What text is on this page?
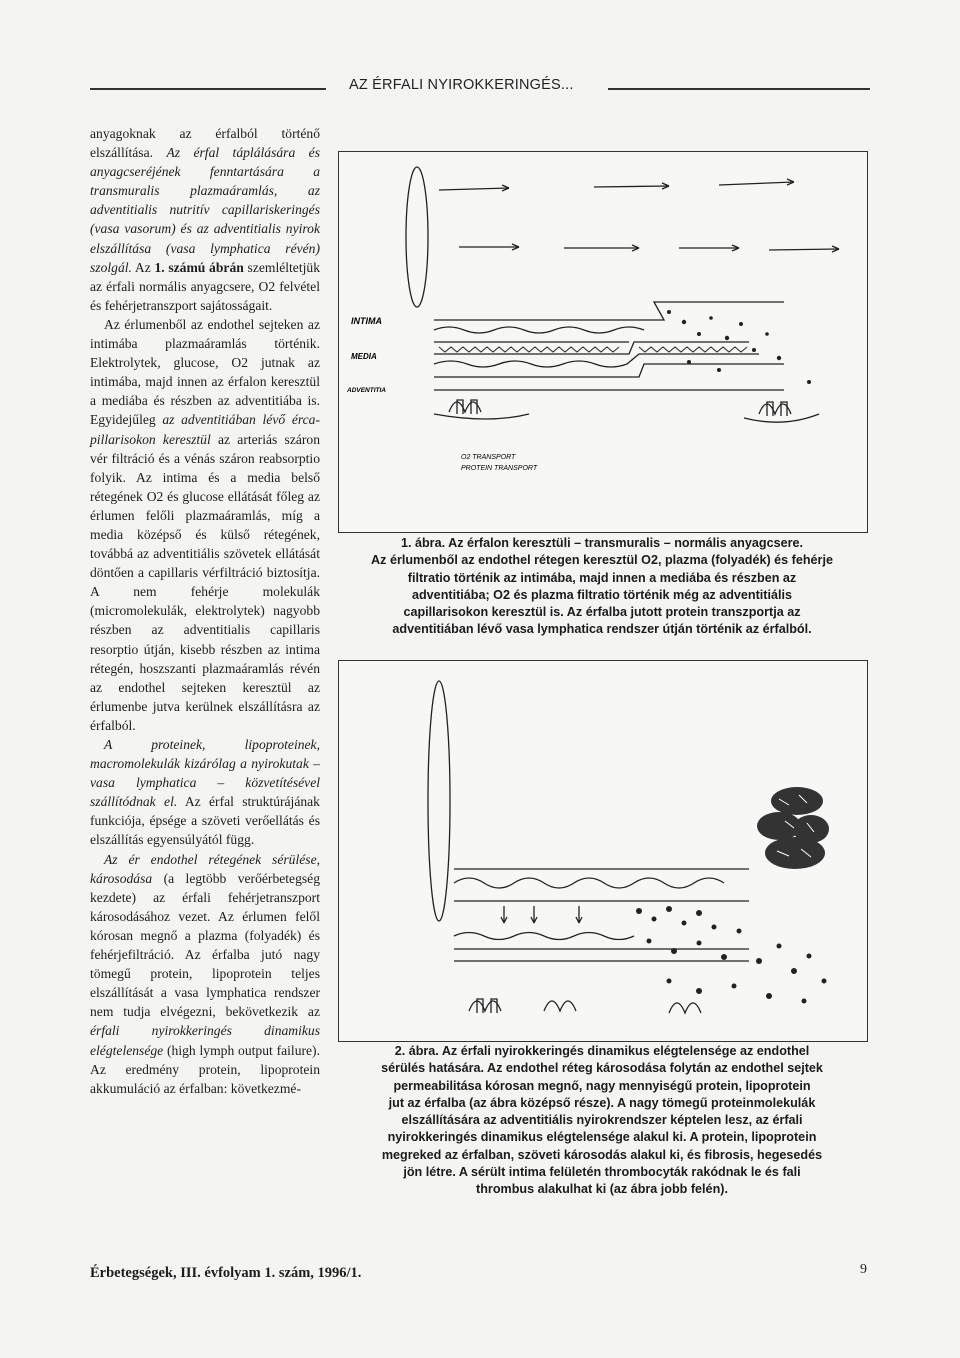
AZ ÉRFALI NYIROKKERINGÉS...

anyagoknak az érfalból történő elszállítása. Az érfal táplálására és anyagcseréjének fenntartására a transmuralis plazmaáramlás, az adventitialis nutritív capillariskeringés (vasa vasorum) és az adventitialis nyirok elszállítása (vasa lymphatica révén) szolgál. Az 1. számú ábrán szemléltetjük az érfali normális anyagcsere, O2 felvétel és fehérjetranszport sajátosságait.

Az érlumenből az endothel sejteken az intimába plazmaáramlás történik. Elektrolytek, glucose, O2 jutnak az intimába, majd innen az érfalon keresztül a mediába és részben az adventitiába is. Egyidejűleg az adventitiában lévő ércapillarisokon keresztül az arteriás száron vér filtráció és a vénás száron reabsorptio folyik. Az intima és a media belső rétegének O2 és glucose ellátását főleg az érlumen felőli plazmaáramlás, míg a media középső és külső rétegének, továbbá az adventitiális szövetek ellátását döntően a capillaris vérfiltráció biztosítja. A nem fehérje molekulák (micromolekulák, elektrolytek) nagyobb részben az adventitialis capillaris resorptio útján, kisebb részben az intima rétegén, hoszszanti plazmaáramlás révén az endothel sejteken keresztül az érlumenbe jutva kerülnek elszállításra az érfalból.

A proteinek, lipoproteinek, macromolekulák kizárólag a nyirokutak – vasa lymphatica – közvetítésével szállítódnak el. Az érfal struktúrájának funkciója, épsége a szöveti verőellátás és elszállítás egyensúlyától függ.

Az ér endothel rétegének sérülése, károsodása (a legtöbb verőérbetegség kezdete) az érfali fehérjetranszport károsodásához vezet. Az érlumen felől kórosan megnő a plazma (folyadék) és fehérjefiltráció. Az érfalba jutó nagy tömegű protein, lipoprotein teljes elszállítását a vasa lymphatica rendszer nem tudja elvégezni, bekövetkezik az érfali nyirokkeringés dinamikus elégtelensége (high lymph output failure). Az eredmény protein, lipoprotein akkumuláció az érfalban: következmé-

INTIMA
MEDIA
ADVENTITIA
O2 TRANSPORT
PROTEIN TRANSPORT

1. ábra. Az érfalon keresztüli – transmuralis – normális anyagcsere.

Az érlumenből az endothel rétegen keresztül O2, plazma (folyadék) és fehérje

filtratio történik az intimába, majd innen a mediába és részben az

adventitiába; O2 és plazma filtratio történik még az adventitiális

capillarisokon keresztül is. Az érfalba jutott protein transzportja az

adventitiában lévő vasa lymphatica rendszer útján történik az érfalból.

2. ábra. Az érfali nyirokkeringés dinamikus elégtelensége az endothel

sérülés hatására. Az endothel réteg károsodása folytán az endothel sejtek

permeabilitása kórosan megnő, nagy mennyiségű protein, lipoprotein

jut az érfalba (az ábra középső része). A nagy tömegű proteinmolekulák

elszállítására az adventitiális nyirokrendszer képtelen lesz, az érfali

nyirokkeringés dinamikus elégtelensége alakul ki. A protein, lipoprotein

megreked az érfalban, szöveti károsodás alakul ki, és fibrosis, hegesedés

jön létre. A sérült intima felületén thrombocyták rakódnak le és fali

thrombus alakulhat ki (az ábra jobb felén).

Érbetegségek, III. évfolyam 1. szám, 1996/1.	9
